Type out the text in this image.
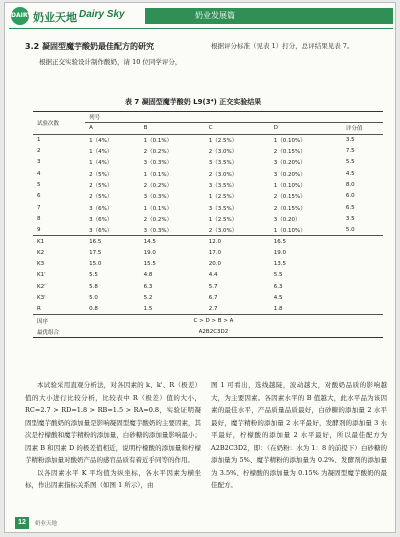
DAIRY 奶业天地 Dairy Sky	奶业发展篇
3.2 凝固型魔芋酸奶最佳配方的研究
根据正交实验设计制作酸奶，请 10 位同学评分，
根据评分标准（见表 1）打分，总评结果见表 7。
表 7 凝固型魔芋酸奶 L9(3⁴) 正交实验结果
试验次数	列号				
	A	B	C	D	评分值
1	1（4%）	1（0.1%）	1（2.5%）	1（0.10%）	3.5
2	1（4%）	2（0.2%）	2（3.0%）	2（0.15%）	7.5
3	1（4%）	3（0.3%）	3（3.5%）	3（0.20%）	5.5
4	2（5%）	1（0.1%）	2（3.0%）	3（0.20%）	4.5
5	2（5%）	2（0.2%）	3（3.5%）	1（0.10%）	8.0
6	2（5%）	3（0.3%）	1（2.5%）	2（0.15%）	6.0
7	3（6%）	1（0.1%）	3（3.5%）	2（0.15%）	6.5
8	3（6%）	2（0.2%）	1（2.5%）	3（0.20）	3.5
9	3（6%）	3（0.3%）	2（3.0%）	1（0.10%）	5.0
K1	16.5	14.5	12.0	16.5	
K2	17.5	19.0	17.0	19.0	
K3	15.0	15.5	20.0	13.5	
K1'	5.5	4.8	4.4	5.5	
K2'	5.8	6.3	5.7	6.3	
K3'	5.0	5.2	6.7	4.5	
R	0.8	1.5	2.7	1.8	
因序	C > D > B > A				
最优组合	A2B2C3D2				

本试验采用直观分析法，对各因素的 k、k'、R（极差）值的大小进行比较分析，比较表中 R（极差）值的大小，RC=2.7 > RD=1.8 > RB=1.5 > RA=0.8，实验证明凝固型魔芋酸奶的添加量是影响凝固型魔芋酸奶的主要因素，其次是柠檬酸和魔芋精粉的添加量，白砂糖的添加量影响最小；因素 B 和因素 D 的极差值相近，说明柠檬酸的添加量和柠檬芋精粉添加量对酸奶产品的感官品质有着近乎同等的作用。

以各因素水平 K 平均值为纵坐标，各水平因素为横坐标，作出因素指标关系图（如图 1 所示），由

图 1 可看出，选线越陡，波动越大，对酸奶品质的影响越大，为主要因素。各因素水平的 B 值越大，此水平品为该因素的最佳水平，产品质量品质最好，白砂糖的添加量 2 水平最好，魔芋精粉的添加量 2 水平最好，发酵剂的添加量 3 水平最好，柠檬酸的添加量 2 水平最好，所以最佳配方为 A2B2C3D2，即：（在奶粉：水为 1：8 的前提下）白砂糖的添加量为 5%、魔芋精粉的添加量为 0.2%、发酵剂的添加量为 3.5%、柠檬酸的添加量为 0.15% 为凝固型魔芋酸奶的最佳配方。

12	奶业天地
